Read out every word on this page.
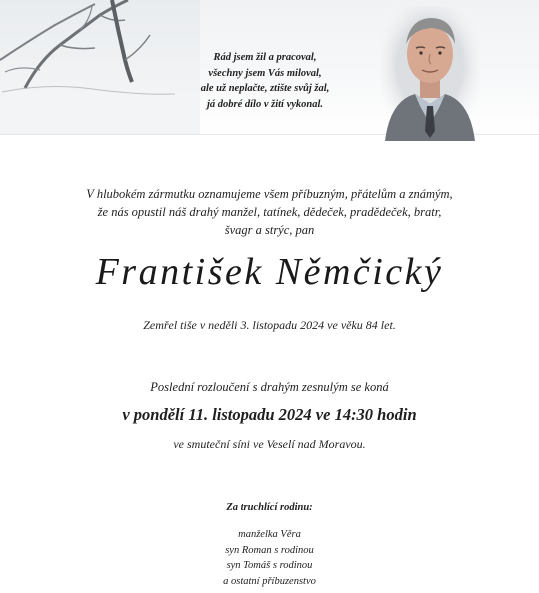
Rád jsem žil a pracoval,
všechny jsem Vás miloval,
ale už neplačte, ztište svůj žal,
já dobré dílo v žití vykonal.
V hlubokém zármutku oznamujeme všem příbuzným, přátelům a známým,
že nás opustil náš drahý manžel, tatínek, dědeček, pradědeček, bratr,
švagr a strýc, pan
František Němčický
Zemřel tiše v neděli 3. listopadu 2024 ve věku 84 let.
Poslední rozloučení s drahým zesnulým se koná
v pondělí 11. listopadu 2024 ve 14:30 hodin
ve smuteční síni ve Veselí nad Moravou.
Za truchlící rodinu:
manželka Věra
syn Roman s rodinou
syn Tomáš s rodinou
a ostatní příbuzenstvo
